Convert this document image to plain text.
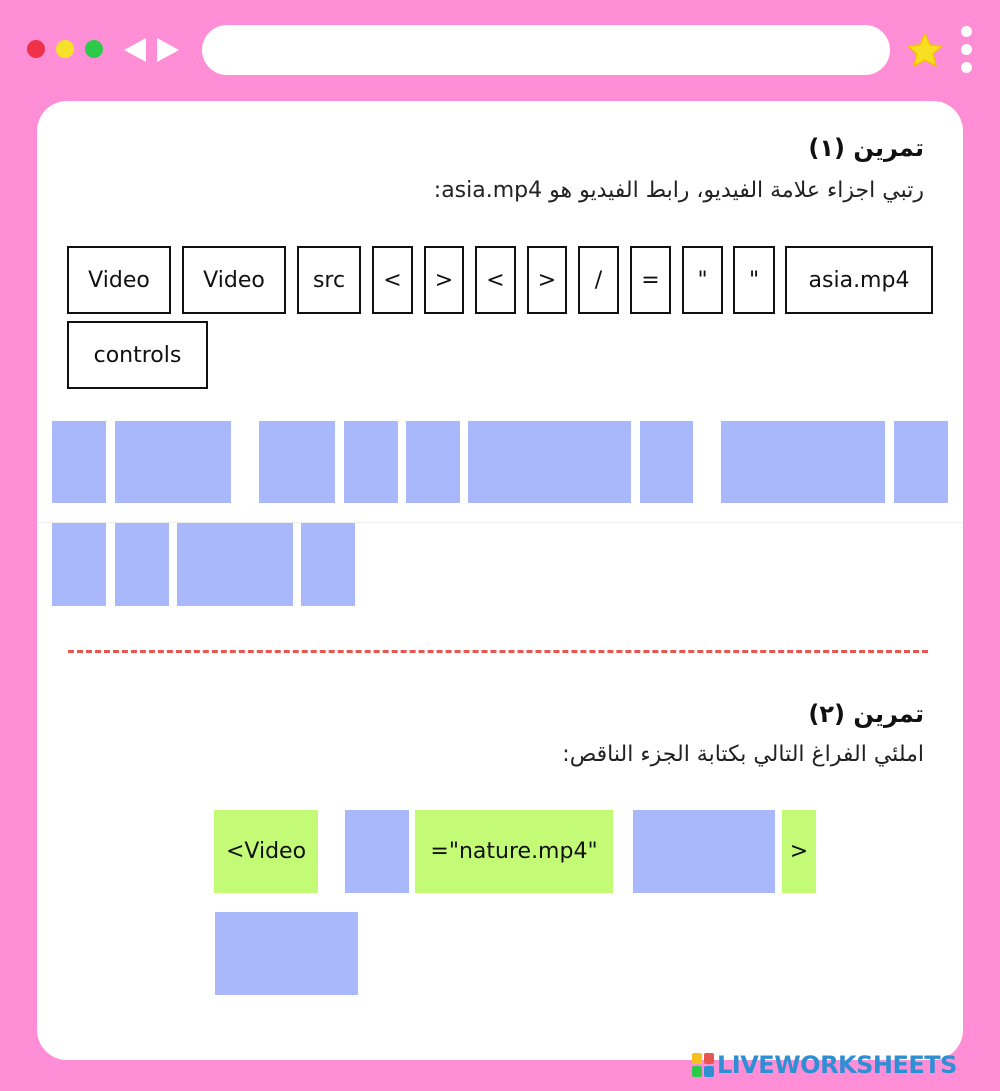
تمرين (١)
رتبي اجزاء علامة الفيديو، رابط الفيديو هو asia.mp4:
Video	Video	src	<	>	<	>	/	=	"	"	asia.mp4
controls
تمرين (٢)
املئي الفراغ التالي بكتابة الجزء الناقص:
<Video	="nature.mp4"	>
LIVEWORKSHEETS
